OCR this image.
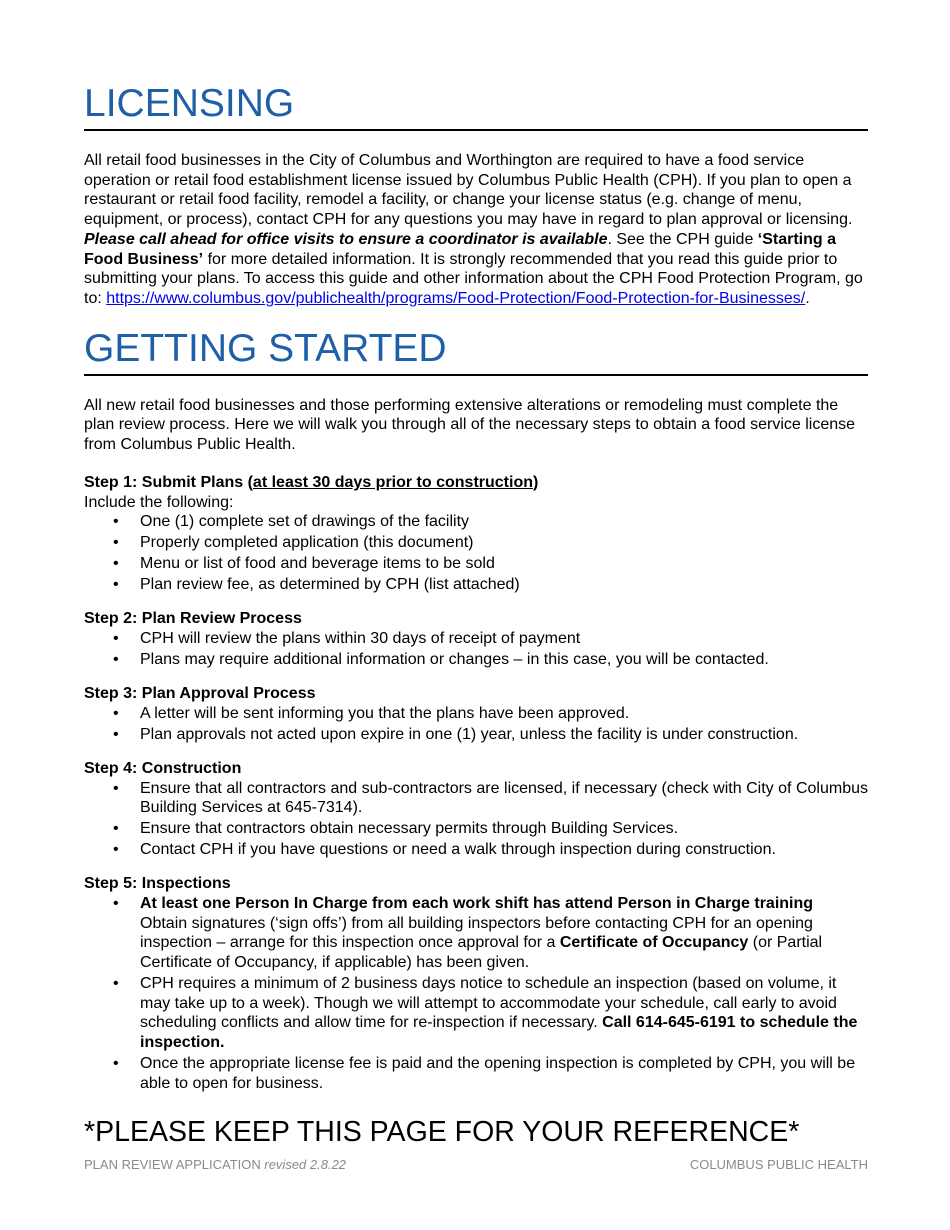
LICENSING

All retail food businesses in the City of Columbus and Worthington are required to have a food service operation or retail food establishment license issued by Columbus Public Health (CPH). If you plan to open a restaurant or retail food facility, remodel a facility, or change your license status (e.g. change of menu, equipment, or process), contact CPH for any questions you may have in regard to plan approval or licensing. Please call ahead for office visits to ensure a coordinator is available. See the CPH guide ‘Starting a Food Business’ for more detailed information. It is strongly recommended that you read this guide prior to submitting your plans. To access this guide and other information about the CPH Food Protection Program, go to: https://www.columbus.gov/publichealth/programs/Food-Protection/Food-Protection-for-Businesses/.

GETTING STARTED

All new retail food businesses and those performing extensive alterations or remodeling must complete the plan review process. Here we will walk you through all of the necessary steps to obtain a food service license from Columbus Public Health.

Step 1: Submit Plans (at least 30 days prior to construction)

Include the following:

• One (1) complete set of drawings of the facility
• Properly completed application (this document)
• Menu or list of food and beverage items to be sold
• Plan review fee, as determined by CPH (list attached)
Step 2: Plan Review Process
• CPH will review the plans within 30 days of receipt of payment
• Plans may require additional information or changes – in this case, you will be contacted.
Step 3: Plan Approval Process
• A letter will be sent informing you that the plans have been approved.
• Plan approvals not acted upon expire in one (1) year, unless the facility is under construction.
Step 4: Construction
• Ensure that all contractors and sub-contractors are licensed, if necessary (check with City of Columbus Building Services at 645-7314).
• Ensure that contractors obtain necessary permits through Building Services.
• Contact CPH if you have questions or need a walk through inspection during construction.
Step 5: Inspections
• At least one Person In Charge from each work shift has attend Person in Charge training
Obtain signatures (‘sign offs’) from all building inspectors before contacting CPH for an opening inspection – arrange for this inspection once approval for a Certificate of Occupancy (or Partial Certificate of Occupancy, if applicable) has been given.
• CPH requires a minimum of 2 business days notice to schedule an inspection (based on volume, it may take up to a week). Though we will attempt to accommodate your schedule, call early to avoid scheduling conflicts and allow time for re-inspection if necessary. Call 614-645-6191 to schedule the inspection.
• Once the appropriate license fee is paid and the opening inspection is completed by CPH, you will be able to open for business.
*PLEASE KEEP THIS PAGE FOR YOUR REFERENCE*
PLAN REVIEW APPLICATION revised 2.8.22	COLUMBUS PUBLIC HEALTH
